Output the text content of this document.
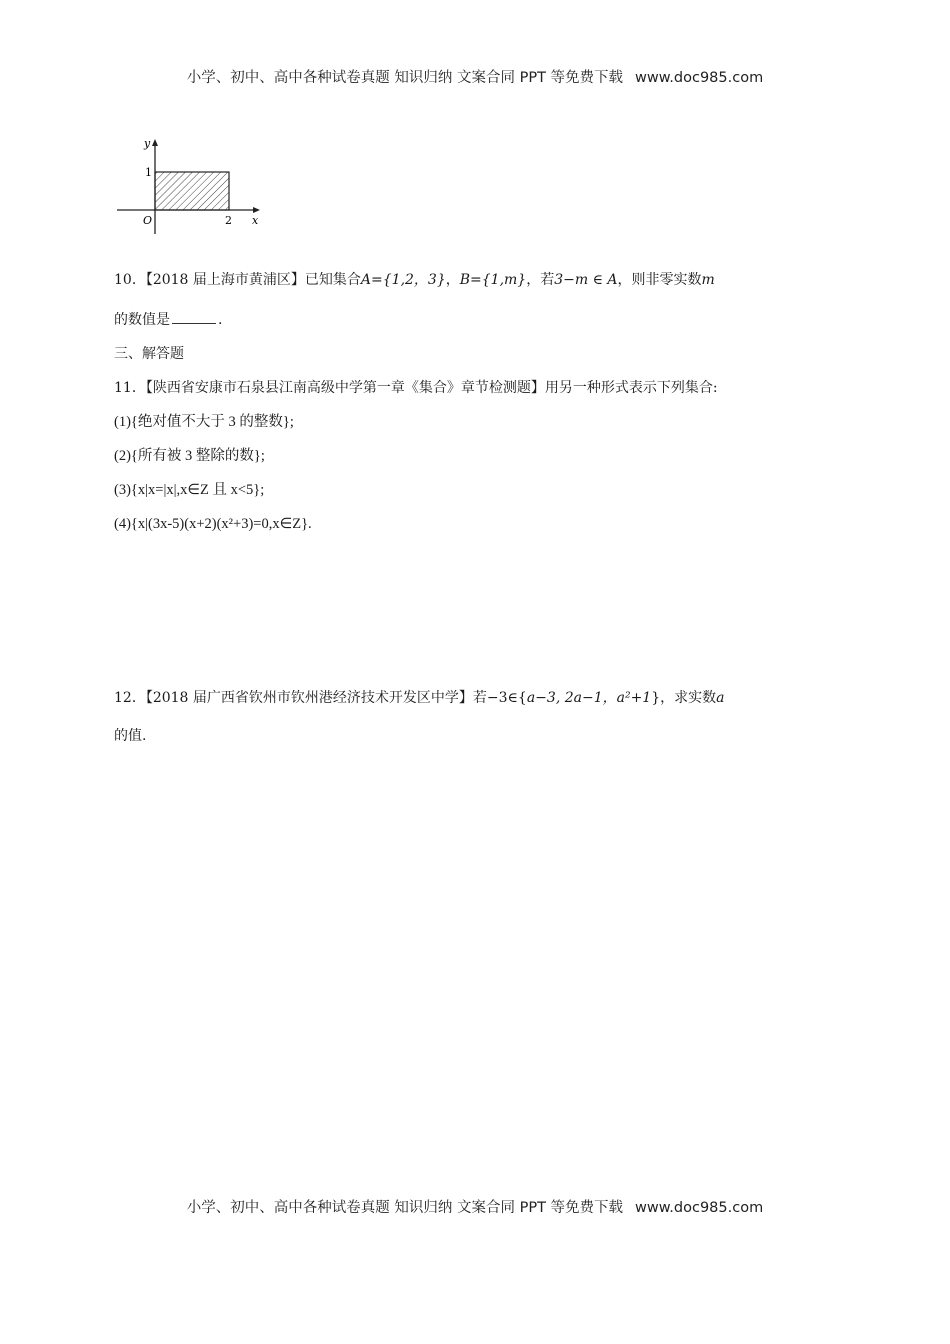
小学、初中、高中各种试卷真题 知识归纳 文案合同 PPT 等免费下载 www.doc985.com
y
1
O	2 x
10．【2018 届上海市黄浦区】已知集合A={1,2，3}，B={1,m}，若3−m ∈ A，则非零实数m
的数值是	.
三、解答题
11．【陕西省安康市石泉县江南高级中学第一章《集合》章节检测题】用另一种形式表示下列集合:
(1){绝对值不大于 3 的整数};
(2){所有被 3 整除的数};
(3){x|x=|x|,x∈Z 且 x<5};
(4){x|(3x-5)(x+2)(x²+3)=0,x∈Z}.
12．【2018 届广西省钦州市钦州港经济技术开发区中学】若−3∈{a−3, 2a−1，a²+1}，求实数a
的值.
小学、初中、高中各种试卷真题 知识归纳 文案合同 PPT 等免费下载 www.doc985.com
